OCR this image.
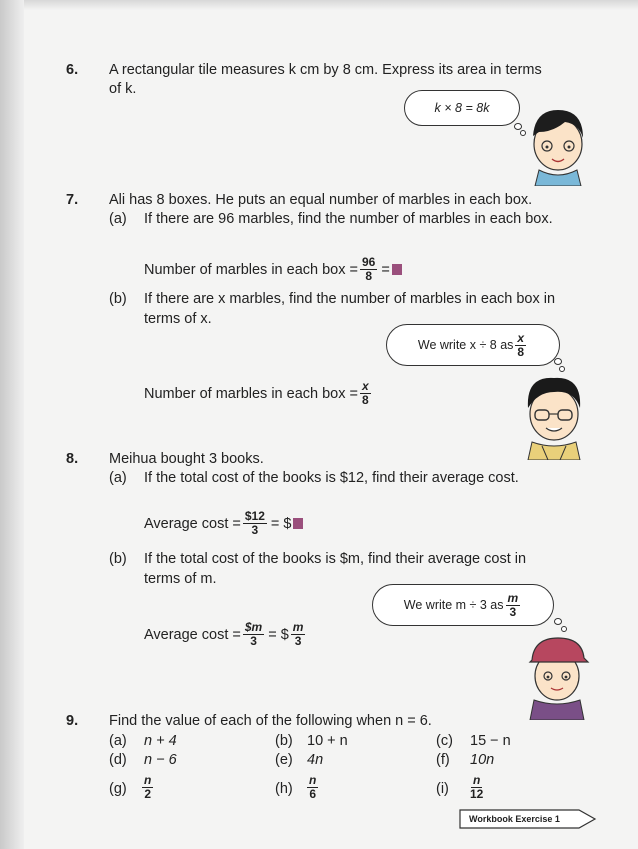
6. A rectangular tile measures k cm by 8 cm. Express its area in terms
of k.
k × 8 = 8k
7. Ali has 8 boxes. He puts an equal number of marbles in each box.
(a) If there are 96 marbles, find the number of marbles in each box.
Number of marbles in each box = $\frac{96}{8}$ =
(b) If there are x marbles, find the number of marbles in each box in
terms of x.
We write x ÷ 8 as $\frac{x}{8}$
Number of marbles in each box = $\frac{x}{8}$
8. Meihua bought 3 books.
(a) If the total cost of the books is $12, find their average cost.
Average $\cos t = \frac{\$12}{3}$ = $
(b) If the total cost of the books is $m, find their average cost in
terms of m.
We write m ÷ 3 as $\frac{m}{3}$
Average $\cos t = \frac{\$m}{3}$ = $ $\frac{m}{3}$
9. Find the value of each of the following when n = 6.
(a) n + 4	(b) 10 + n	(c) 15 − n
(d) n − 6	(e) 4n	(f) 10n
$(g) \frac{n}{2}$	$(h) \frac{n}{6}$	$(i) \frac{n}{12}$
Workbook Exercise 1
